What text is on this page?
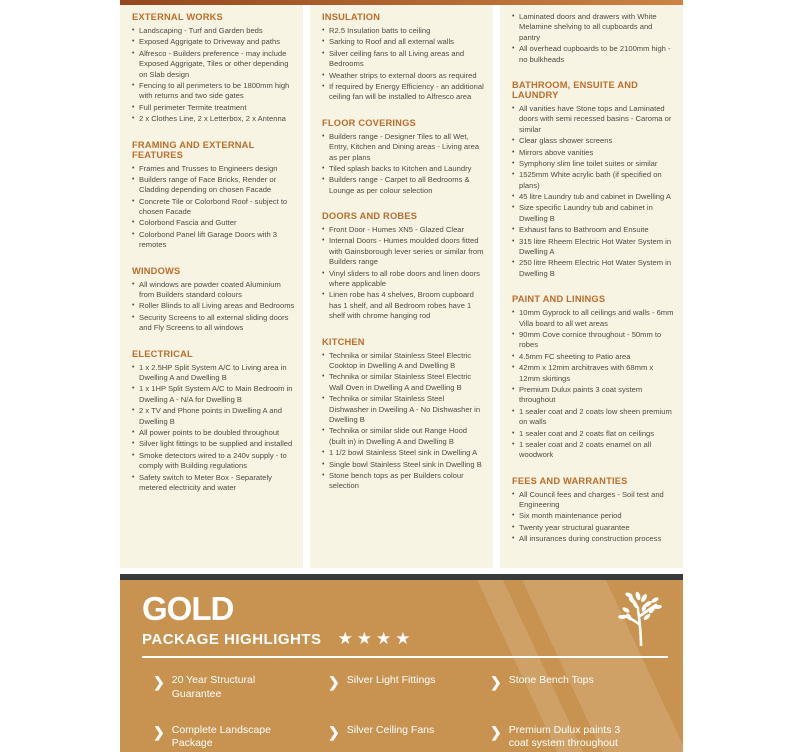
EXTERNAL WORKS
• Landscaping - Turf and Garden beds
• Exposed Aggrigate to Driveway and paths
• Alfresco - Builders preference - may include Exposed Aggrigate, Tiles or other depending on Slab design
• Fencing to all perimeters to be 1800mm high with returns and two side gates
• Full perimeter Termite treatment
• 2 x Clothes Line, 2 x Letterbox, 2 x Antenna
FRAMING AND EXTERNAL FEATURES
• Frames and Trusses to Engineers design
• Builders range of Face Bricks, Render or Cladding depending on chosen Facade
• Concrete Tile or Colorbond Roof - subject to chosen Facade
• Colorbond Fascia and Gutter
• Colorbond Panel lift Garage Doors with 3 remotes
WINDOWS
• All windows are powder coated Aluminium from Builders standard colours
• Roller Blinds to all Living areas and Bedrooms
• Security Screens to all external sliding doors and Fly Screens to all windows
ELECTRICAL
• 1 x 2.5HP Split System A/C to Living area in Dwelling A and Dwelling B
• 1 x 1HP Split System A/C to Main Bedroom in Dwelling A - N/A for Dwelling B
• 2 x TV and Phone points in Dwelling A and Dwelling B
• All power points to be doubled throughout
• Silver light fittings to be supplied and installed
• Smoke detectors wired to a 240v supply - to comply with Building regulations
• Safety switch to Meter Box - Separately metered electricity and water
INSULATION
• R2.5 Insulation batts to ceiling
• Sarking to Roof and all external walls
• Silver ceiling fans to all Living areas and Bedrooms
• Weather strips to external doors as required
• If required by Energy Efficiency - an additional ceiling fan will be installed to Alfresco area
FLOOR COVERINGS
• Builders range - Designer Tiles to all Wet, Entry, Kitchen and Dining areas - Living area as per plans
• Tiled splash backs to Kitchen and Laundry
• Builders range - Carpet to all Bedrooms & Lounge as per colour selection
DOORS AND ROBES
• Front Door - Humes XN5 - Glazed Clear
• Internal Doors - Humes moulded doors fitted with Gainsborough lever series or similar from Builders range
• Vinyl sliders to all robe doors and linen doors where applicable
• Linen robe has 4 shelves, Broom cupboard has 1 shelf, and all Bedroom robes have 1 shelf with chrome hanging rod
KITCHEN
• Technika or similar Stainless Steel Electric Cooktop in Dwelling A and Dwelling B
• Technika or similar Stainless Steel Electric Wall Oven in Dwelling A and Dwelling B
• Technika or similar Stainless Steel Dishwasher in Dweiling A - No Dishwasher in Dwelling B
• Technika or similar slide out Range Hood (built in) in Dwelling A and Dwelling B
• 1 1/2 bowl Stainless Steel sink in Dwelling A
• Single bowl Stainless Steel sink in Dwelling B
• Stone bench tops as per Builders colour selection
• Laminated doors and drawers with White Melamine shelving to all cupboards and pantry
• All overhead cupboards to be 2100mm high - no bulkheads
BATHROOM, ENSUITE AND LAUNDRY
• All vanities have Stone tops and Laminated doors with semi recessed basins - Caroma or similar
• Clear glass shower screens
• Mirrors above vanities
• Symphony slim line toilet suites or similar
• 1525mm White acrylic bath (if specified on plans)
• 45 litre Laundry tub and cabinet in Dwelling A
• Size specific Laundry tub and cabinet in Dwelling B
• Exhaust fans to Bathroom and Ensuite
• 315 litre Rheem Electric Hot Water System in Dwelling A
• 250 litre Rheem Electric Hot Water System in Dwelling B
PAINT AND LININGS
• 10mm Gyprock to all ceilings and walls - 6mm Villa board to all wet areas
• 90mm Cove cornice throughout - 50mm to robes
• 4.5mm FC sheeting to Patio area
• 42mm x 12mm architraves with 68mm x 12mm skirtings
• Premium Dulux paints 3 coat system throughout
• 1 sealer coat and 2 coats low sheen premium on walls
• 1 sealer coat and 2 coats flat on ceilings
• 1 sealer coat and 2 coats enamel on all woodwork
FEES AND WARRANTIES
• All Council fees and charges - Soil test and Engineering
• Six month maintenance period
• Twenty year structural guarantee
• All insurances during construction process
GOLD
PACKAGE HIGHLIGHTS ★★★★
❯ 20 Year Structural Guarantee
❯ Silver Light Fittings	❯ Stone Bench Tops
❯ Complete Landscape Package
❯ Silver Ceiling Fans	❯ Premium Dulux paints 3 coat system throughout
